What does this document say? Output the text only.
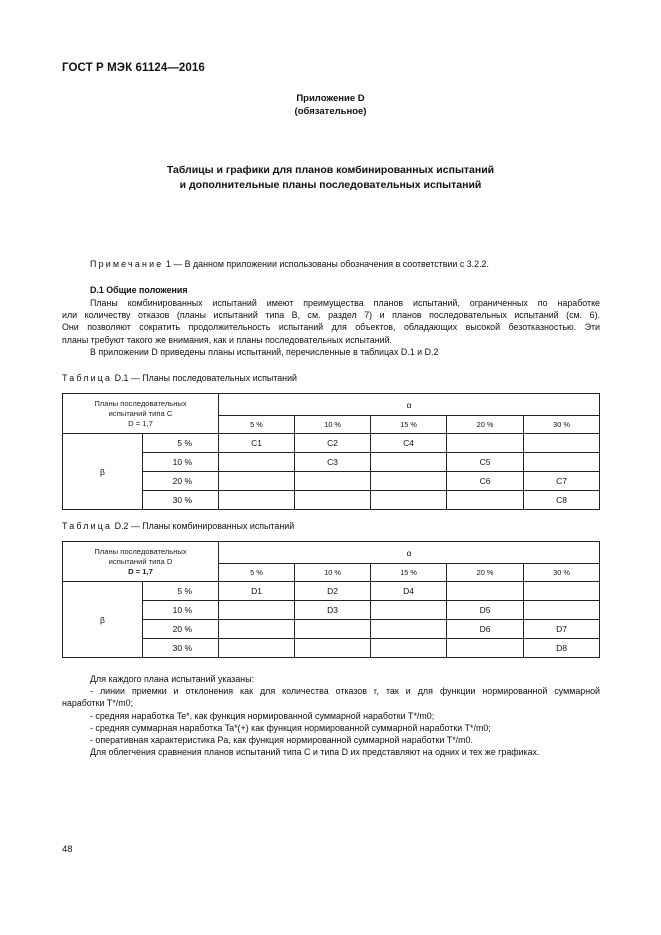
ГОСТ Р МЭК 61124—2016
Приложение D
(обязательное)
Таблицы и графики для планов комбинированных испытаний
и дополнительные планы последовательных испытаний
Примечание 1 — В данном приложении использованы обозначения в соответствии с 3.2.2.
D.1 Общие положения
Планы комбинированных испытаний имеют преимущества планов испытаний, ограниченных по наработке
или количеству отказов (планы испытаний типа В, см. раздел 7) и планов последовательных испытаний (см. 6).
Они позволяют сократить продолжительность испытаний для объектов, обладающих высокой безотказностью. Эти
планы требуют такого же внимания, как и планы последовательных испытаний.
В приложении D приведены планы испытаний, перечисленные в таблицах D.1 и D.2
Таблица D.1 — Планы последовательных испытаний
Планы последовательных
испытаний типа C
D = 1,7		α				
		5 %	10 %	15 %	20 %	30 %
β	5 %	C1	C2	C4		
	10 %		C3		C5	
	20 %				C6	C7
	30 %					C8
Таблица D.2 — Планы комбинированных испытаний
Планы последовательных
испытаний типа D
D = 1,7		α				
		5 %	10 %	15 %	20 %	30 %
β	5 %	D1	D2	D4		
	10 %		D3		D5	
	20 %				D6	D7
	30 %					D8
Для каждого плана испытаний указаны:
- линии приемки и отклонения как для количества отказов r, так и для функции нормированной суммарной
наработки T*/m0;
- средняя наработка Te*, как функция нормированной суммарной наработки T*/m0;
- средняя суммарная наработка Ta*(+) как функция нормированной суммарной наработки T*/m0;
- оперативная характеристика Pa, как функция нормированной суммарной наработки T*/m0.
Для облегчения сравнения планов испытаний типа С и типа D их представляют на одних и тех же графиках.
48
